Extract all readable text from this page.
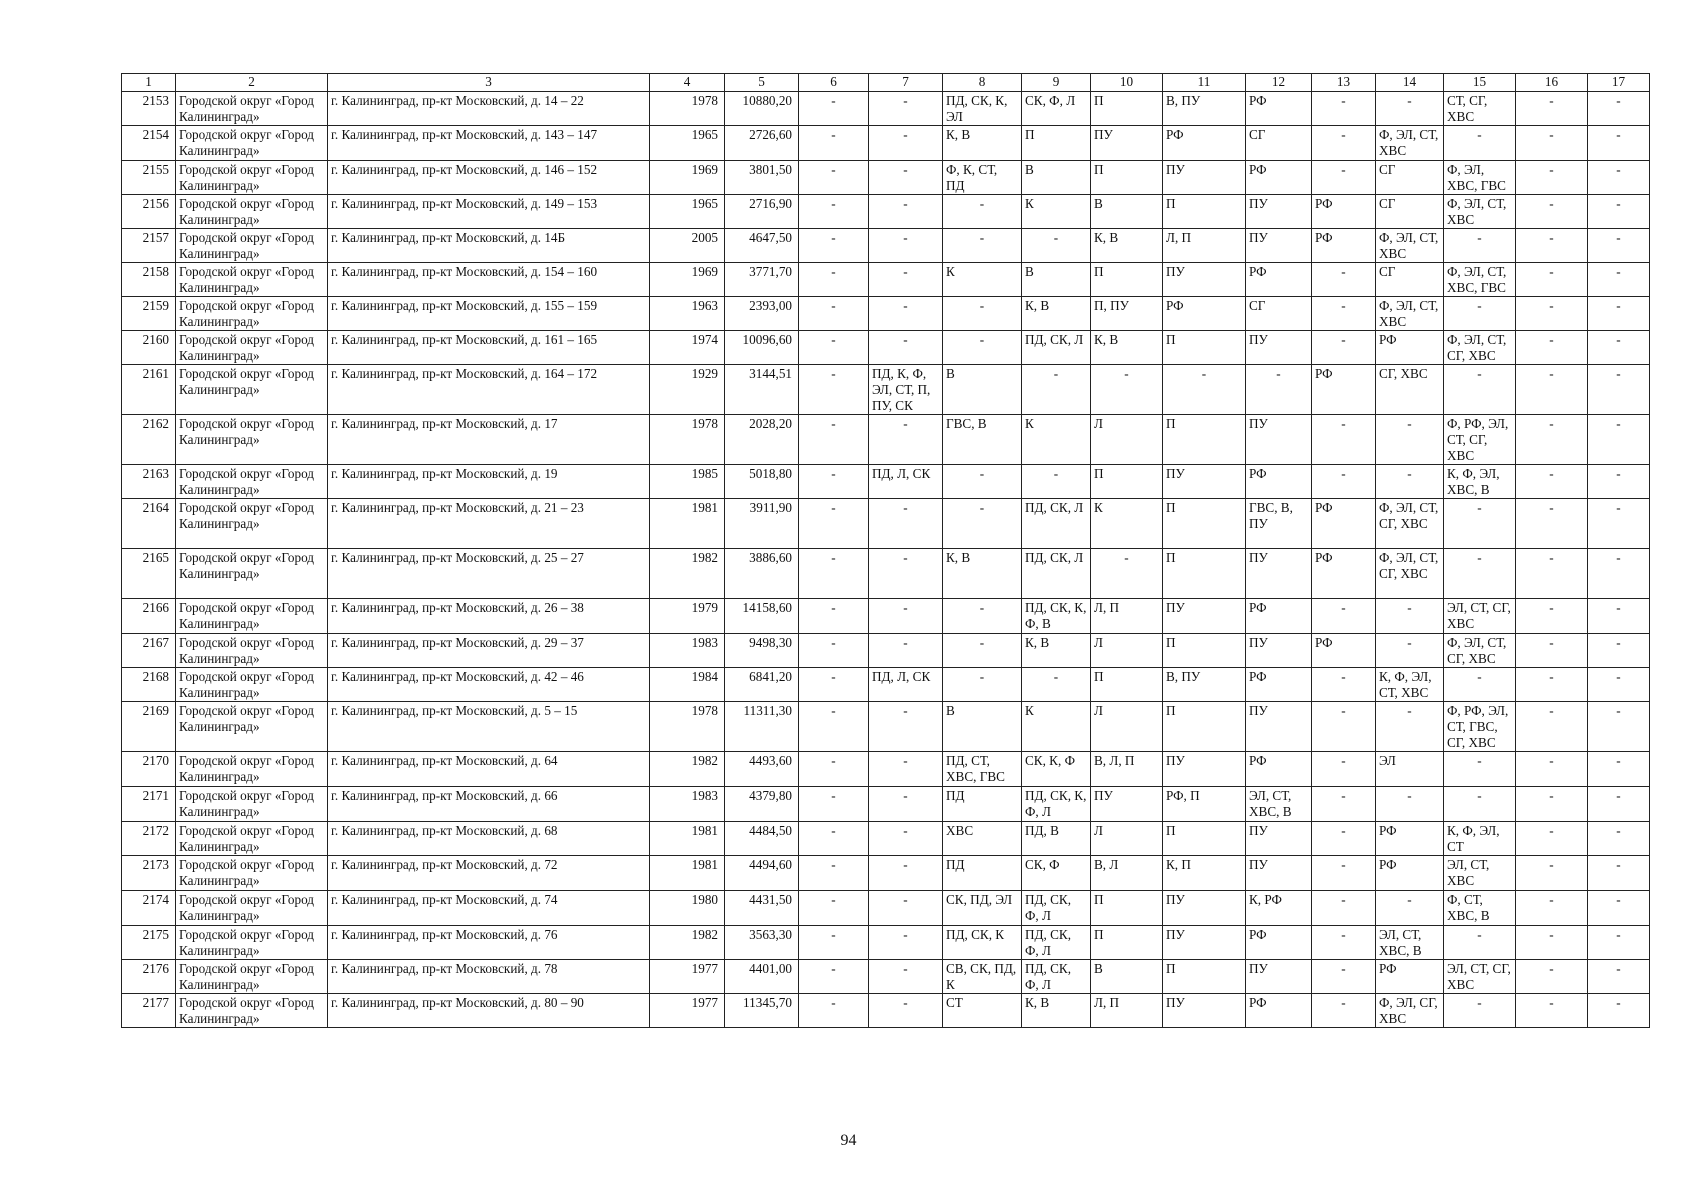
1	2	3	4	5	6	7	8	9	10	11	12	13	14	15	16	17
2153	Городской округ «Город Калининград»	г. Калининград, пр-кт Московский, д. 14 – 22	1978	10880,20	-	-	ПД, СК, К, ЭЛ	СК, Ф, Л	П	В, ПУ	РФ	-	-	СТ, СГ, ХВС	-	-
2154	Городской округ «Город Калининград»	г. Калининград, пр-кт Московский, д. 143 – 147	1965	2726,60	-	-	К, В	П	ПУ	РФ	СГ	-	Ф, ЭЛ, СТ, ХВС	-	-	-
2155	Городской округ «Город Калининград»	г. Калининград, пр-кт Московский, д. 146 – 152	1969	3801,50	-	-	Ф, К, СТ, ПД	В	П	ПУ	РФ	-	СГ	Ф, ЭЛ, ХВС, ГВС	-	-
2156	Городской округ «Город Калининград»	г. Калининград, пр-кт Московский, д. 149 – 153	1965	2716,90	-	-	-	К	В	П	ПУ	РФ	СГ	Ф, ЭЛ, СТ, ХВС	-	-
2157	Городской округ «Город Калининград»	г. Калининград, пр-кт Московский, д. 14Б	2005	4647,50	-	-	-	-	К, В	Л, П	ПУ	РФ	Ф, ЭЛ, СТ, ХВС	-	-	-
2158	Городской округ «Город Калининград»	г. Калининград, пр-кт Московский, д. 154 – 160	1969	3771,70	-	-	К	В	П	ПУ	РФ	-	СГ	Ф, ЭЛ, СТ, ХВС, ГВС	-	-
2159	Городской округ «Город Калининград»	г. Калининград, пр-кт Московский, д. 155 – 159	1963	2393,00	-	-	-	К, В	П, ПУ	РФ	СГ	-	Ф, ЭЛ, СТ, ХВС	-	-	-
2160	Городской округ «Город Калининград»	г. Калининград, пр-кт Московский, д. 161 – 165	1974	10096,60	-	-	-	ПД, СК, Л	К, В	П	ПУ	-	РФ	Ф, ЭЛ, СТ, СГ, ХВС	-	-
2161	Городской округ «Город Калининград»	г. Калининград, пр-кт Московский, д. 164 – 172	1929	3144,51	-	ПД, К, Ф, ЭЛ, СТ, П, ПУ, СК	В	-	-	-	-	РФ	СГ, ХВС	-	-	-
2162	Городской округ «Город Калининград»	г. Калининград, пр-кт Московский, д. 17	1978	2028,20	-	-	ГВС, В	К	Л	П	ПУ	-	-	Ф, РФ, ЭЛ, СТ, СГ, ХВС	-	-
2163	Городской округ «Город Калининград»	г. Калининград, пр-кт Московский, д. 19	1985	5018,80	-	ПД, Л, СК	-	-	П	ПУ	РФ	-	-	К, Ф, ЭЛ, ХВС, В	-	-
2164	Городской округ «Город Калининград»	г. Калининград, пр-кт Московский, д. 21 – 23	1981	3911,90	-	-	-	ПД, СК, Л	К	П	ГВС, В, ПУ	РФ	Ф, ЭЛ, СТ, СГ, ХВС	-	-	-
2165	Городской округ «Город Калининград»	г. Калининград, пр-кт Московский, д. 25 – 27	1982	3886,60	-	-	К, В	ПД, СК, Л	-	П	ПУ	РФ	Ф, ЭЛ, СТ, СГ, ХВС	-	-	-
2166	Городской округ «Город Калининград»	г. Калининград, пр-кт Московский, д. 26 – 38	1979	14158,60	-	-	-	ПД, СК, К, Ф, В	Л, П	ПУ	РФ	-	-	ЭЛ, СТ, СГ, ХВС	-	-
2167	Городской округ «Город Калининград»	г. Калининград, пр-кт Московский, д. 29 – 37	1983	9498,30	-	-	-	К, В	Л	П	ПУ	РФ	-	Ф, ЭЛ, СТ, СГ, ХВС	-	-
2168	Городской округ «Город Калининград»	г. Калининград, пр-кт Московский, д. 42 – 46	1984	6841,20	-	ПД, Л, СК	-	-	П	В, ПУ	РФ	-	К, Ф, ЭЛ, СТ, ХВС	-	-	-
2169	Городской округ «Город Калининград»	г. Калининград, пр-кт Московский, д. 5 – 15	1978	11311,30	-	-	В	К	Л	П	ПУ	-	-	Ф, РФ, ЭЛ, СТ, ГВС, СГ, ХВС	-	-
2170	Городской округ «Город Калининград»	г. Калининград, пр-кт Московский, д. 64	1982	4493,60	-	-	ПД, СТ, ХВС, ГВС	СК, К, Ф	В, Л, П	ПУ	РФ	-	ЭЛ	-	-	-
2171	Городской округ «Город Калининград»	г. Калининград, пр-кт Московский, д. 66	1983	4379,80	-	-	ПД	ПД, СК, К, Ф, Л	ПУ	РФ, П	ЭЛ, СТ, ХВС, В	-	-	-	-	-
2172	Городской округ «Город Калининград»	г. Калининград, пр-кт Московский, д. 68	1981	4484,50	-	-	ХВС	ПД, В	Л	П	ПУ	-	РФ	К, Ф, ЭЛ, СТ	-	-
2173	Городской округ «Город Калининград»	г. Калининград, пр-кт Московский, д. 72	1981	4494,60	-	-	ПД	СК, Ф	В, Л	К, П	ПУ	-	РФ	ЭЛ, СТ, ХВС	-	-
2174	Городской округ «Город Калининград»	г. Калининград, пр-кт Московский, д. 74	1980	4431,50	-	-	СК, ПД, ЭЛ	ПД, СК, Ф, Л	П	ПУ	К, РФ	-	-	Ф, СТ, ХВС, В	-	-
2175	Городской округ «Город Калининград»	г. Калининград, пр-кт Московский, д. 76	1982	3563,30	-	-	ПД, СК, К	ПД, СК, Ф, Л	П	ПУ	РФ	-	ЭЛ, СТ, ХВС, В	-	-	-
2176	Городской округ «Город Калининград»	г. Калининград, пр-кт Московский, д. 78	1977	4401,00	-	-	СВ, СК, ПД, К	ПД, СК, Ф, Л	В	П	ПУ	-	РФ	ЭЛ, СТ, СГ, ХВС	-	-
2177	Городской округ «Город Калининград»	г. Калининград, пр-кт Московский, д. 80 – 90	1977	11345,70	-	-	СТ	К, В	Л, П	ПУ	РФ	-	Ф, ЭЛ, СГ, ХВС	-	-	-
94
